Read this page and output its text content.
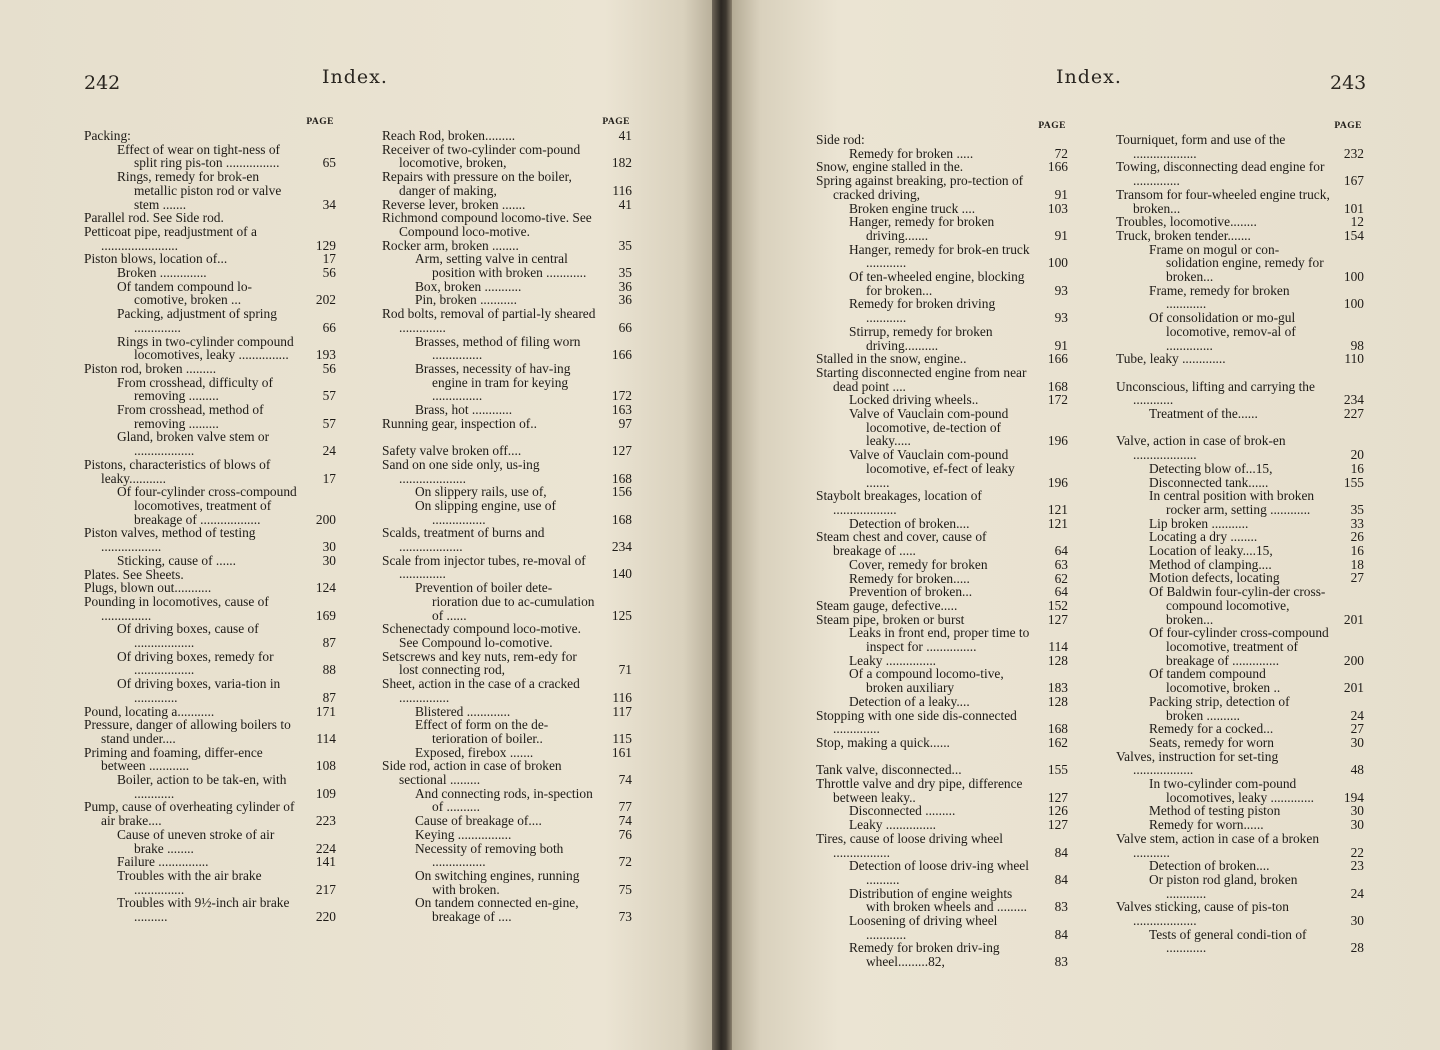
242	Index.
PAGE
Packing:
Effect of wear on tight-ness of split ring pis-ton ................	65
Rings, remedy for brok-en metallic piston rod or valve stem .......	34
Parallel rod. See Side rod.
Petticoat pipe, readjustment of a .......................	129
Piston blows, location of...	17
Broken ..............	56
Of tandem compound lo-comotive, broken ...	202
Packing, adjustment of spring ..............	66
Rings in two-cylinder compound locomotives, leaky ...............	193
Piston rod, broken .........	56
From crosshead, difficulty of removing .........	57
From crosshead, method of removing .........	57
Gland, broken valve stem or ..................	24
Pistons, characteristics of blows of leaky...........	17
Of four-cylinder cross-compound locomotives, treatment of breakage of ..................	200
Piston valves, method of testing ..................	30
Sticking, cause of ......	30
Plates. See Sheets.
Plugs, blown out...........	124
Pounding in locomotives, cause of ...............	169
Of driving boxes, cause of ..................	87
Of driving boxes, remedy for ..................	88
Of driving boxes, varia-tion in .............	87
Pound, locating a...........	171
Pressure, danger of allowing boilers to stand under....	114
Priming and foaming, differ-ence between ............	108
Boiler, action to be tak-en, with ............	109
Pump, cause of overheating cylinder of air brake....	223
Cause of uneven stroke of air brake ........	224
Failure ...............	141
Troubles with the air brake ...............	217
Troubles with 9½-inch air brake ..........	220
PAGE
Reach Rod, broken.........	41
Receiver of two-cylinder com-pound locomotive, broken,	182
Repairs with pressure on the boiler, danger of making,	116
Reverse lever, broken .......	41
Richmond compound locomo-tive. See Compound loco-motive.
Rocker arm, broken ........	35
Arm, setting valve in central position with broken ............	35
Box, broken ...........	36
Pin, broken ...........	36
Rod bolts, removal of partial-ly sheared ..............	66
Brasses, method of filing worn ...............	166
Brasses, necessity of hav-ing engine in tram for keying ...............	172
Brass, hot ............	163
Running gear, inspection of..	97
Safety valve broken off....	127
Sand on one side only, us-ing ....................	168
On slippery rails, use of,	156
On slipping engine, use of ................	168
Scalds, treatment of burns and ...................	234
Scale from injector tubes, re-moval of ..............	140
Prevention of boiler dete-rioration due to ac-cumulation of ......	125
Schenectady compound loco-motive. See Compound lo-comotive.
Setscrews and key nuts, rem-edy for lost connecting rod,	71
Sheet, action in the case of a cracked ...............	116
Blistered .............	117
Effect of form on the de-terioration of boiler..	115
Exposed, firebox .......	161
Side rod, action in case of broken sectional .........	74
And connecting rods, in-spection of ..........	77
Cause of breakage of....	74
Keying ................	76
Necessity of removing both ................	72
On switching engines, running with broken.	75
On tandem connected en-gine, breakage of ....	73
Index.	243
PAGE
Side rod:
Remedy for broken .....	72
Snow, engine stalled in the.	166
Spring against breaking, pro-tection of cracked driving,	91
Broken engine truck ....	103
Hanger, remedy for broken driving.......	91
Hanger, remedy for brok-en truck ............	100
Of ten-wheeled engine, blocking for broken...	93
Remedy for broken driving ............	93
Stirrup, remedy for broken driving..........	91
Stalled in the snow, engine..	166
Starting disconnected engine from near dead point ....	168
Locked driving wheels..	172
Valve of Vauclain com-pound locomotive, de-tection of leaky.....	196
Valve of Vauclain com-pound locomotive, ef-fect of leaky .......	196
Staybolt breakages, location of ...................	121
Detection of broken....	121
Steam chest and cover, cause of breakage of .....	64
Cover, remedy for broken	63
Remedy for broken.....	62
Prevention of broken...	64
Steam gauge, defective.....	152
Steam pipe, broken or burst	127
Leaks in front end, proper time to inspect for ...............	114
Leaky ...............	128
Of a compound locomo-tive, broken auxiliary	183
Detection of a leaky....	128
Stopping with one side dis-connected ..............	168
Stop, making a quick......	162
Tank valve, disconnected...	155
Throttle valve and dry pipe, difference between leaky..	127
Disconnected .........	126
Leaky ...............	127
Tires, cause of loose driving wheel .................	84
Detection of loose driv-ing wheel ..........	84
Distribution of engine weights with broken wheels and .........	83
Loosening of driving wheel ............	84
Remedy for broken driv-ing wheel.........82,	83
PAGE
Tourniquet, form and use of the ...................	232
Towing, disconnecting dead engine for ..............	167
Transom for four-wheeled engine truck, broken...	101
Troubles, locomotive........	12
Truck, broken tender.......	154
Frame on mogul or con-solidation engine, remedy for broken...	100
Frame, remedy for broken ............	100
Of consolidation or mo-gul locomotive, remov-al of ..............	98
Tube, leaky .............	110
Unconscious, lifting and carrying the ............	234
Treatment of the......	227
Valve, action in case of brok-en ...................	20
Detecting blow of...15,	16
Disconnected tank......	155
In central position with broken rocker arm, setting ............	35
Lip broken ...........	33
Locating a dry ........	26
Location of leaky....15,	16
Method of clamping....	18
Motion defects, locating	27
Of Baldwin four-cylin-der cross-compound locomotive, broken...	201
Of four-cylinder cross-compound locomotive, treatment of breakage of ..............	200
Of tandem compound locomotive, broken ..	201
Packing strip, detection of broken ..........	24
Remedy for a cocked...	27
Seats, remedy for worn	30
Valves, instruction for set-ting ..................	48
In two-cylinder com-pound locomotives, leaky .............	194
Method of testing piston	30
Remedy for worn......	30
Valve stem, action in case of a broken ...........	22
Detection of broken....	23
Or piston rod gland, broken ............	24
Valves sticking, cause of pis-ton ...................	30
Tests of general condi-tion of ............	28
